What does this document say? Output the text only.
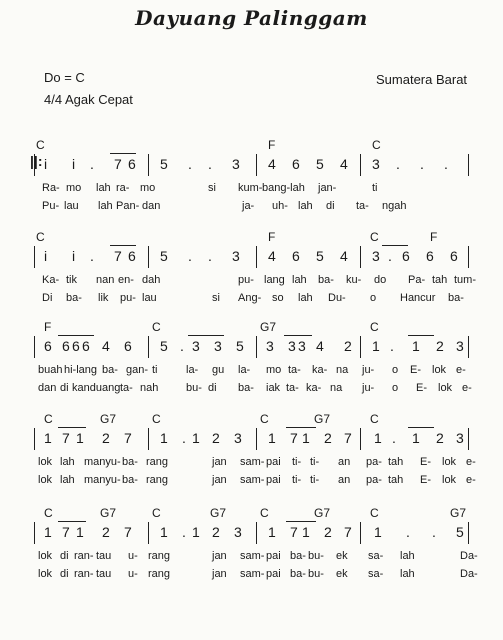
Dayuang Palinggam
Do = C
4/4 Agak Cepat
Sumatera Barat
C	F	C
i i . 7 6 5 . . 3 4 6 5 4 3 . . .
Ra- mo lah ra- mo	si kum- bang-lah jan-	ti
Pu- lau lah Pan- dan	ja- uh- lah di ta- ngah
||:
C	F	C	F
i i . 7 6 5 . . 3 4 6 5 4 3 . 6 6 6
Ka- tik nan en- dah	pu- lang lah ba- ku- do Pa- tah tum-
Di ba- lik pu- lau	si Ang- so lah Du- o Hancur ba-
F	C	G7	C
6 6 6 6 4 6 5 . 3 3 5 3 3 3 4 2 1 . 1 2 3
buah hi-lang ba- gan- ti	la- gu la- mo ta- ka- na ju- o E- lok e-
dan di kanduang ta- nah	bu- di ba- iak ta- ka- na ju- o E- lok e-
C	G7	C	C	G7	C
1 7 1 2 7 1 . 1 2 3 1 7 1 2 7 1 . 1 2 3
lok lah manyu- ba- rang	jan sam- pai ti- ti- an pa- tah E- lok e-
lok lah manyu- ba- rang	jan sam- pai ti- ti- an pa- tah E- lok e-
C	G7	C	G7	C	G7	C	G7
1 7 1 2 7 1 . 1 2 3 1 7 1 2 7 1 . . 5
lok di ran- tau u- rang	jan sam- pai ba- bu- ek sa- lah	Da-
lok di ran- tau u- rang	jan sam- pai ba- bu- ek sa- lah	Da-
